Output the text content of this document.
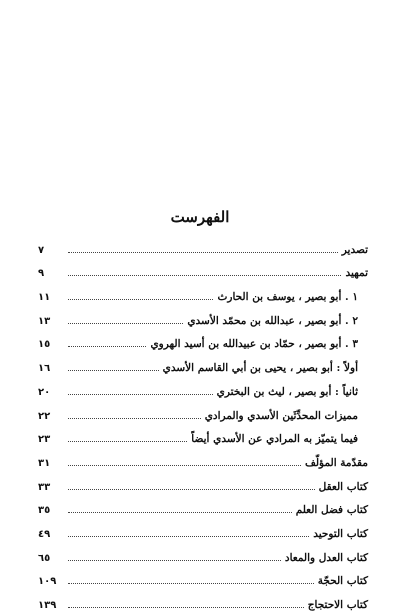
الفهرست
تصدير
٧
تمهيد
٩
١ . أبو بصير ، يوسف بن الحارث
١١
٢ . أبو بصير ، عبدالله بن محمّد الأسدي
١٣
٣ . أبو بصير ، حمّاد بن عبيدالله بن أسيد الهروي
١٥
أولاً : أبو بصير ، يحيى بن أبي القاسم الأسدي
١٦
ثانياً : أبو بصير ، ليث بن البختري
٢٠
مميزات المحدِّثَين الأسدي والمرادي
٢٢
فيما يتميّز به المرادي عن الأسدي أيضاً
٢٣
مقدّمة المؤلّف
٣١
كتاب العقل
٣٣
كتاب فضل العلم
٣٥
كتاب التوحيد
٤٩
كتاب العدل والمعاد
٦٥
كتاب الحجّة
١٠٩
كتاب الاحتجاج
١٣٩
